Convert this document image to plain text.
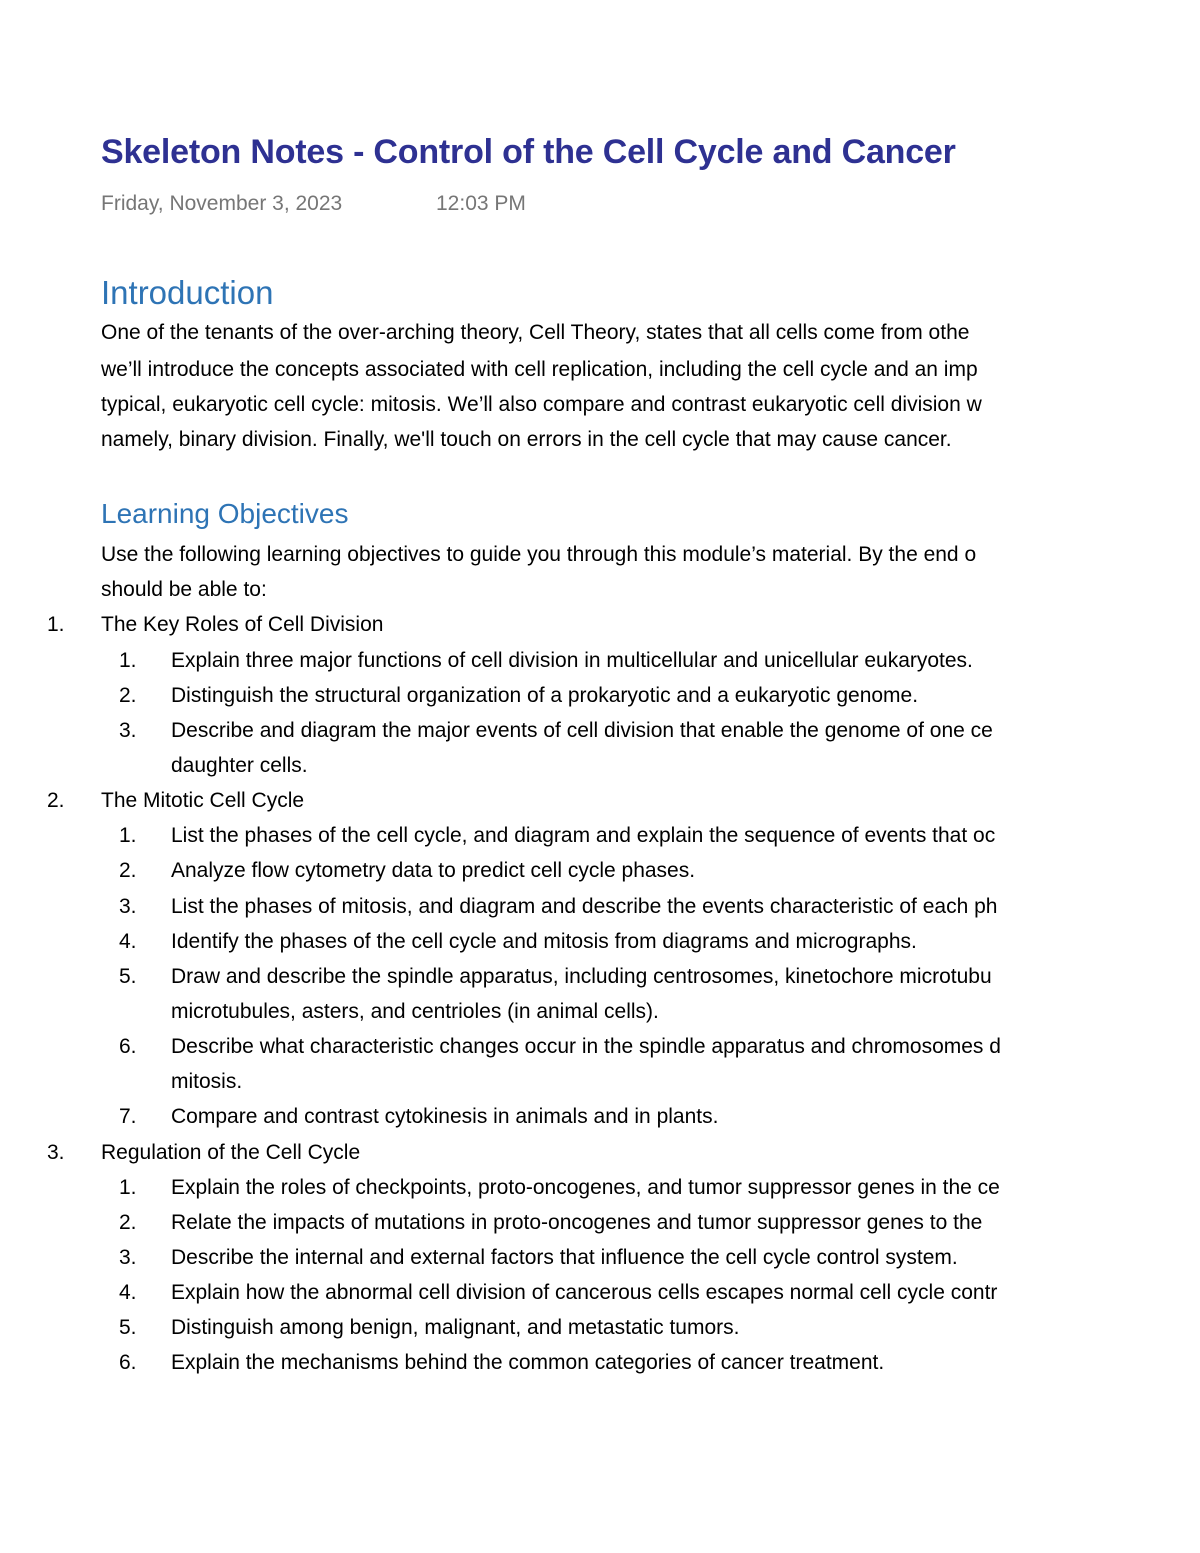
Skeleton Notes - Control of the Cell Cycle and Cancer
Friday, November 3, 2023	12:03 PM
Introduction
One of the tenants of the over-arching theory, Cell Theory, states that all cells come from othe
we’ll introduce the concepts associated with cell replication, including the cell cycle and an imp
typical, eukaryotic cell cycle: mitosis. We’ll also compare and contrast eukaryotic cell division w
namely, binary division. Finally, we'll touch on errors in the cell cycle that may cause cancer.
Learning Objectives
Use the following learning objectives to guide you through this module’s material. By the end o
should be able to:
1. The Key Roles of Cell Division
1. Explain three major functions of cell division in multicellular and unicellular eukaryotes.
2. Distinguish the structural organization of a prokaryotic and a eukaryotic genome.
3. Describe and diagram the major events of cell division that enable the genome of one ce
daughter cells.
2. The Mitotic Cell Cycle
1. List the phases of the cell cycle, and diagram and explain the sequence of events that oc
2. Analyze flow cytometry data to predict cell cycle phases.
3. List the phases of mitosis, and diagram and describe the events characteristic of each ph
4. Identify the phases of the cell cycle and mitosis from diagrams and micrographs.
5. Draw and describe the spindle apparatus, including centrosomes, kinetochore microtubu
microtubules, asters, and centrioles (in animal cells).
6. Describe what characteristic changes occur in the spindle apparatus and chromosomes d
mitosis.
7. Compare and contrast cytokinesis in animals and in plants.
3. Regulation of the Cell Cycle
1. Explain the roles of checkpoints, proto-oncogenes, and tumor suppressor genes in the ce
2. Relate the impacts of mutations in proto-oncogenes and tumor suppressor genes to the
3. Describe the internal and external factors that influence the cell cycle control system.
4. Explain how the abnormal cell division of cancerous cells escapes normal cell cycle contr
5. Distinguish among benign, malignant, and metastatic tumors.
6. Explain the mechanisms behind the common categories of cancer treatment.
